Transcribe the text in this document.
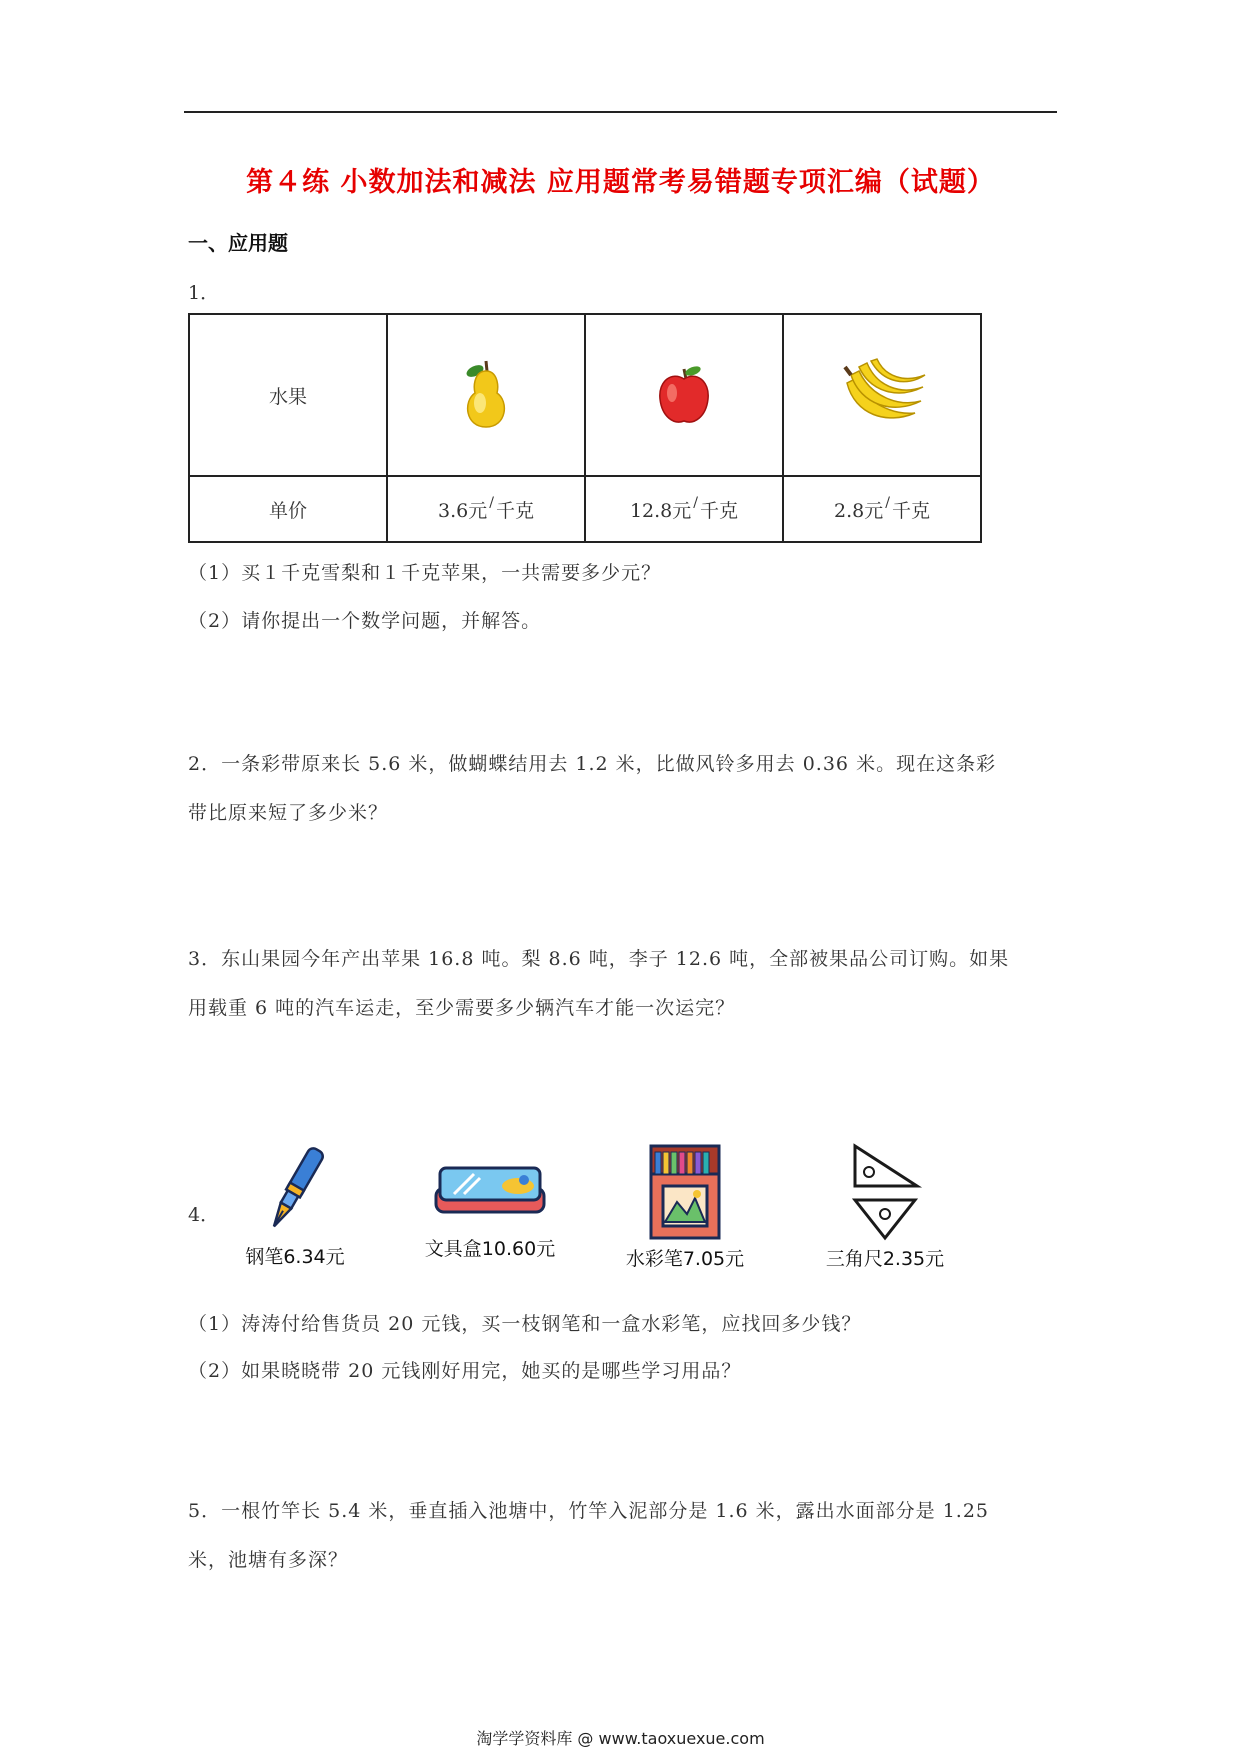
第４练 小数加法和减法 应用题常考易错题专项汇编（试题）
一、应用题
1．
水果			
单价	3.6元 / 千克	12.8元 / 千克	2.8元 / 千克
（1）买１千克雪梨和１千克苹果，一共需要多少元？
（2）请你提出一个数学问题，并解答。
2．一条彩带原来长 5.6 米，做蝴蝶结用去 1.2 米，比做风铃多用去 0.36 米。现在这条彩
带比原来短了多少米？
3．东山果园今年产出苹果 16.8 吨。梨 8.6 吨，李子 12.6 吨，全部被果品公司订购。如果
用载重 6 吨的汽车运走，至少需要多少辆汽车才能一次运完？
4．
钢笔6.34元	文具盒10.60元	水彩笔7.05元	三角尺2.35元
（1）涛涛付给售货员 20 元钱，买一枝钢笔和一盒水彩笔，应找回多少钱？
（2）如果晓晓带 20 元钱刚好用完，她买的是哪些学习用品？
5．一根竹竿长 5.4 米，垂直插入池塘中，竹竿入泥部分是 1.6 米，露出水面部分是 1.25
米，池塘有多深？
淘学学资料库 @ www.taoxuexue.com
